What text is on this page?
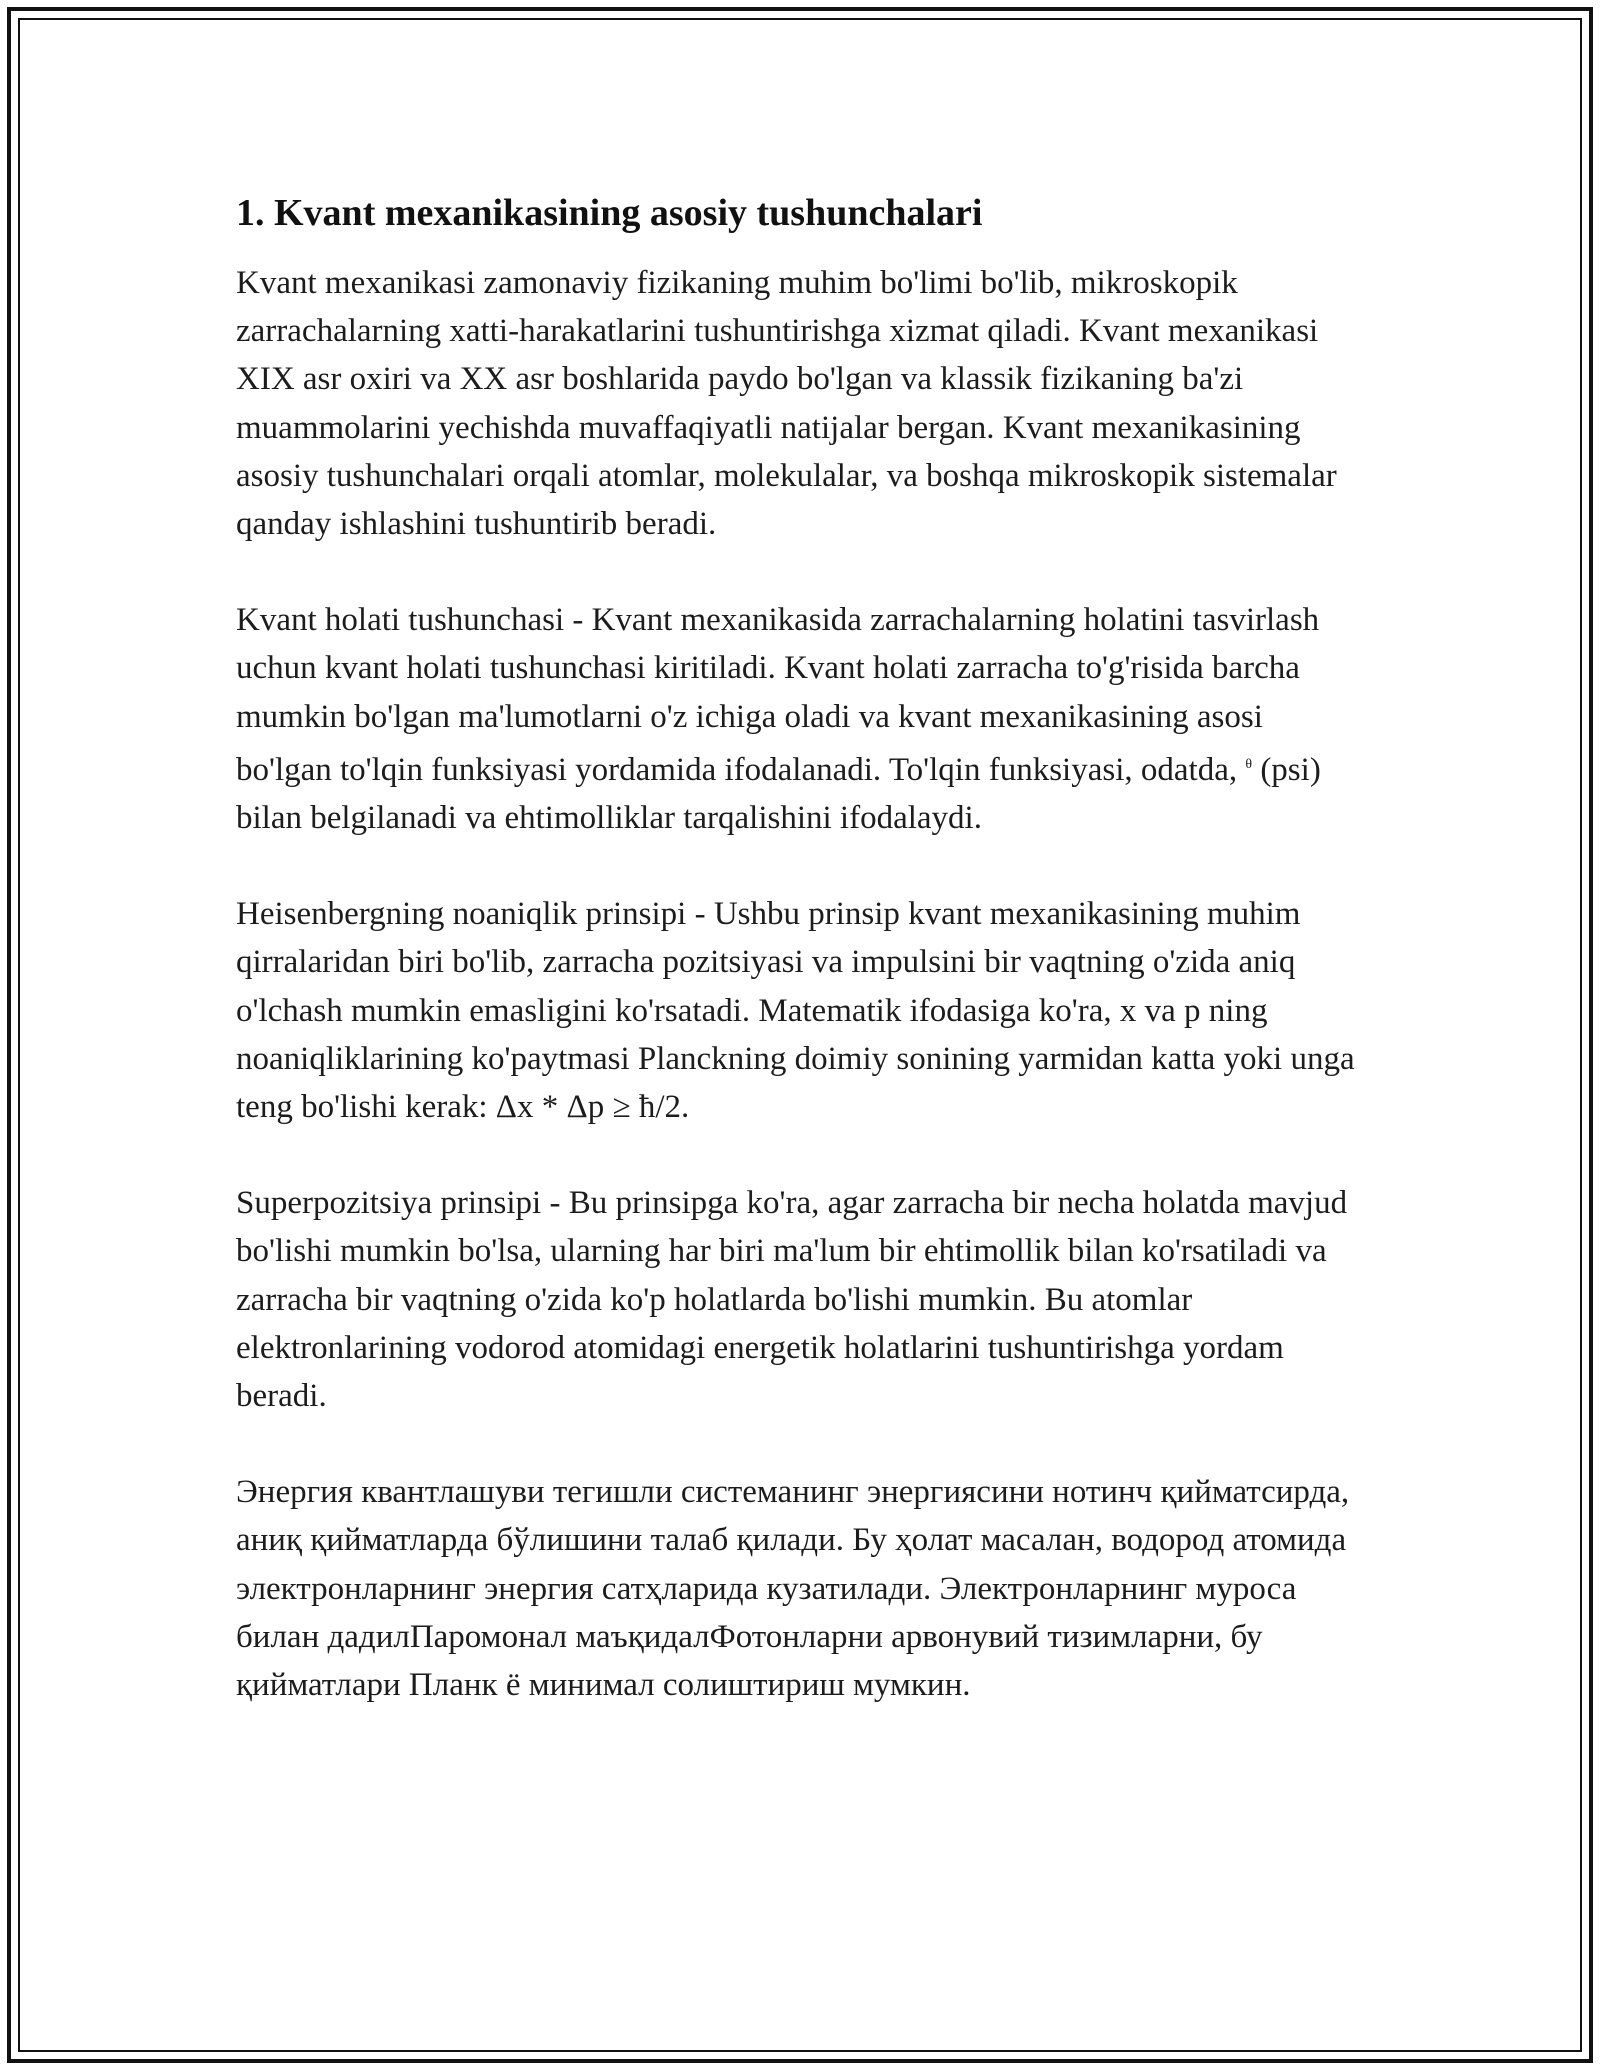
1. Kvant mexanikasining asosiy tushunchalari

Kvant mexanikasi zamonaviy fizikaning muhim bo'limi bo'lib, mikroskopik zarrachalarning xatti-harakatlarini tushuntirishga xizmat qiladi. Kvant mexanikasi XIX asr oxiri va XX asr boshlarida paydo bo'lgan va klassik fizikaning ba'zi muammolarini yechishda muvaffaqiyatli natijalar bergan. Kvant mexanikasining asosiy tushunchalari orqali atomlar, molekulalar, va boshqa mikroskopik sistemalar qanday ishlashini tushuntirib beradi.

Kvant holati tushunchasi - Kvant mexanikasida zarrachalarning holatini tasvirlash uchun kvant holati tushunchasi kiritiladi. Kvant holati zarracha to'g'risida barcha mumkin bo'lgan ma'lumotlarni o'z ichiga oladi va kvant mexanikasining asosi bo'lgan to'lqin funksiyasi yordamida ifodalanadi. To'lqin funksiyasi, odatda, $^\theta$ (psi) bilan belgilanadi va ehtimolliklar tarqalishini ifodalaydi.

Heisenbergning noaniqlik prinsipi - Ushbu prinsip kvant mexanikasining muhim qirralaridan biri bo'lib, zarracha pozitsiyasi va impulsini bir vaqtning o'zida aniq o'lchash mumkin emasligini ko'rsatadi. Matematik ifodasiga ko'ra, x va p ning noaniqliklarining ko'paytmasi Planckning doimiy sonining yarmidan katta yoki unga teng bo'lishi kerak: Δx * Δp ≥ ħ/2.

Superpozitsiya prinsipi - Bu prinsipga ko'ra, agar zarracha bir necha holatda mavjud bo'lishi mumkin bo'lsa, ularning har biri ma'lum bir ehtimollik bilan ko'rsatiladi va zarracha bir vaqtning o'zida ko'p holatlarda bo'lishi mumkin. Bu atomlar elektronlarining vodorod atomidagi energetik holatlarini tushuntirishga yordam beradi.

Энергия квантлашуви тегишли системанинг энергиясини нотинч қийматсирда, аниқ қийматларда бўлишини талаб қилади. Бу ҳолат масалан, водород атомида электронларнинг энергия сатҳларида кузатилади. Электронларнинг муроса билан дадилПаромонал маъқидалФотонларни арвонувий тизимларни, бу қийматлари Планк ё минимал солиштириш мумкин.
